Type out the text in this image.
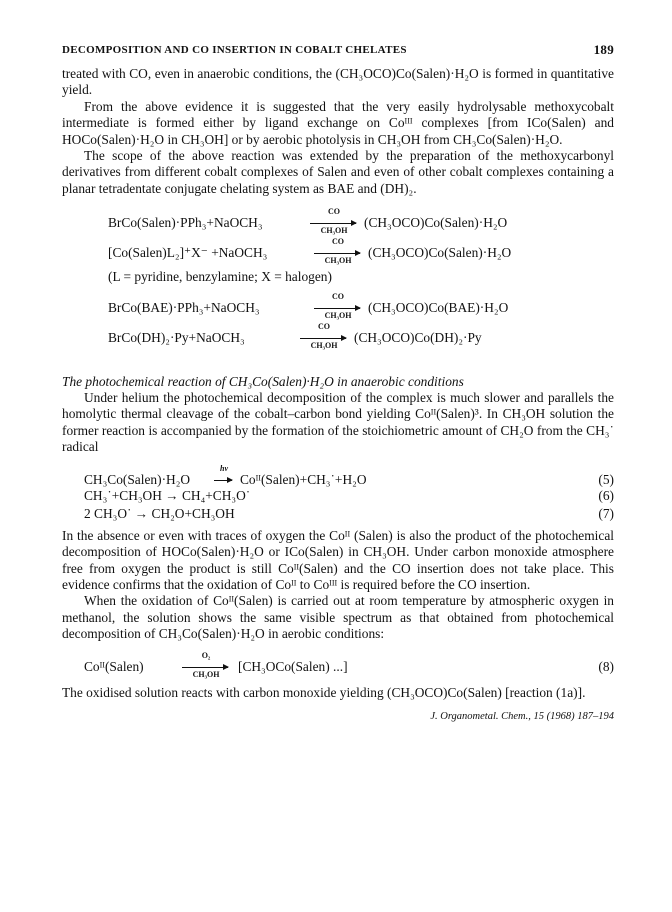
DECOMPOSITION AND CO INSERTION IN COBALT CHELATES	189

treated with CO, even in anaerobic conditions, the (CH₃OCO)Co(Salen)·H₂O is formed in quantitative yield.

From the above evidence it is suggested that the very easily hydrolysable methoxycobalt intermediate is formed either by ligand exchange on Coᴵᴵᴵ complexes [from ICo(Salen) and HOCo(Salen)·H₂O in CH₃OH] or by aerobic photolysis in CH₃OH from CH₃Co(Salen)·H₂O.

The scope of the above reaction was extended by the preparation of the methoxycarbonyl derivatives from different cobalt complexes of Salen and even of other cobalt complexes containing a planar tetradentate conjugate chelating system as BAE and (DH)₂.

BrCo(Salen)·PPh₃+NaOCH₃
CO
CH₃OH
(CH₃OCO)Co(Salen)·H₂O
[Co(Salen)L₂]⁺X⁻ +NaOCH₃
CO
CH₃OH
(CH₃OCO)Co(Salen)·H₂O

(L = pyridine, benzylamine; X = halogen)

BrCo(BAE)·PPh₃+NaOCH₃
CO
CH₃OH
(CH₃OCO)Co(BAE)·H₂O
BrCo(DH)₂·Py+NaOCH₃
CO
CH₃OH
(CH₃OCO)Co(DH)₂·Py

The photochemical reaction of CH₃Co(Salen)·H₂O in anaerobic conditions

Under helium the photochemical decomposition of the complex is much slower and parallels the homolytic thermal cleavage of the cobalt–carbon bond yielding Coᴵᴵ(Salen)³. In CH₃OH solution the former reaction is accompanied by the formation of the stoichiometric amount of CH₂O from the CH₃˙ radical

CH₃Co(Salen)·H₂O
hv
Coᴵᴵ(Salen)+CH₃˙+H₂O	(5)
CH₃˙+CH₃OH → CH₄+CH₃O˙	(6)
2 CH₃O˙ → CH₂O+CH₃OH	(7)

In the absence or even with traces of oxygen the Coᴵᴵ (Salen) is also the product of the photochemical decomposition of HOCo(Salen)·H₂O or ICo(Salen) in CH₃OH. Under carbon monoxide atmosphere free from oxygen the product is still Coᴵᴵ(Salen) and the CO insertion does not take place. This evidence confirms that the oxidation of Coᴵᴵ to Coᴵᴵᴵ is required before the CO insertion.

When the oxidation of Coᴵᴵ(Salen) is carried out at room temperature by atmospheric oxygen in methanol, the solution shows the same visible spectrum as that obtained from photochemical decomposition of CH₃Co(Salen)·H₂O in aerobic conditions:

Coᴵᴵ(Salen)
O₂
CH₃OH
[CH₃OCo(Salen) ...]	(8)

The oxidised solution reacts with carbon monoxide yielding (CH₃OCO)Co(Salen) [reaction (1a)].

J. Organometal. Chem., 15 (1968) 187–194
